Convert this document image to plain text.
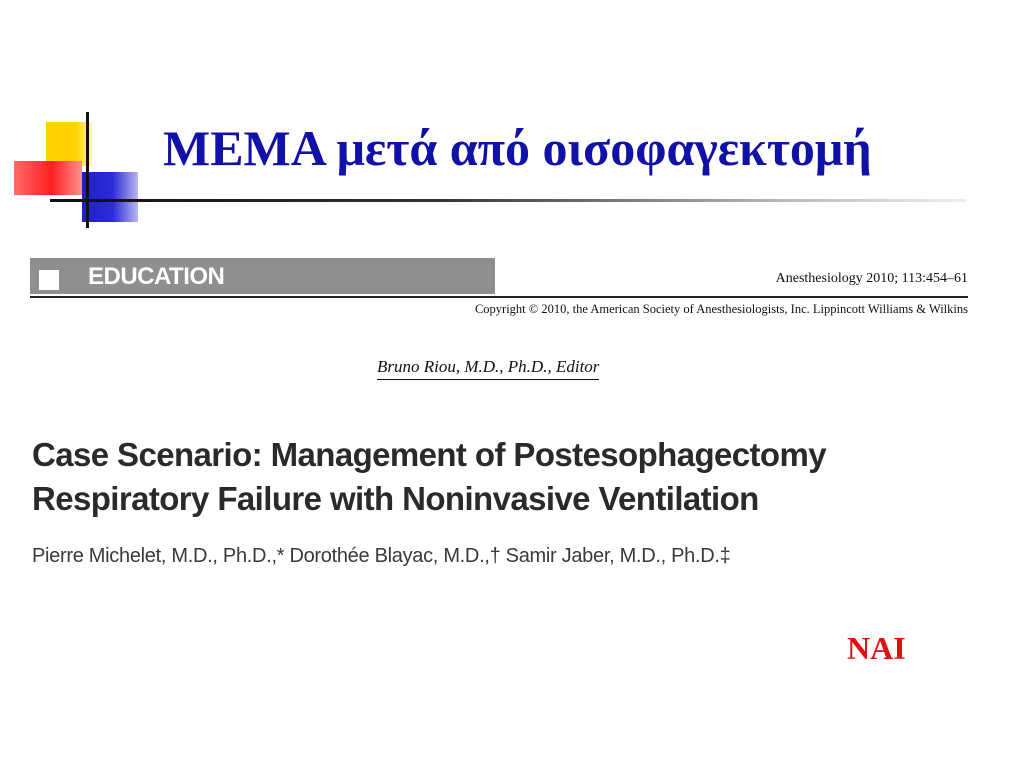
ΜΕΜΑ μετά από οισοφαγεκτομή
EDUCATION	Anesthesiology 2010; 113:454–61
Copyright © 2010, the American Society of Anesthesiologists, Inc. Lippincott Williams & Wilkins
Bruno Riou, M.D., Ph.D., Editor
Case Scenario: Management of Postesophagectomy
Respiratory Failure with Noninvasive Ventilation
Pierre Michelet, M.D., Ph.D.,* Dorothée Blayac, M.D.,† Samir Jaber, M.D., Ph.D.‡
ΝΑΙ
